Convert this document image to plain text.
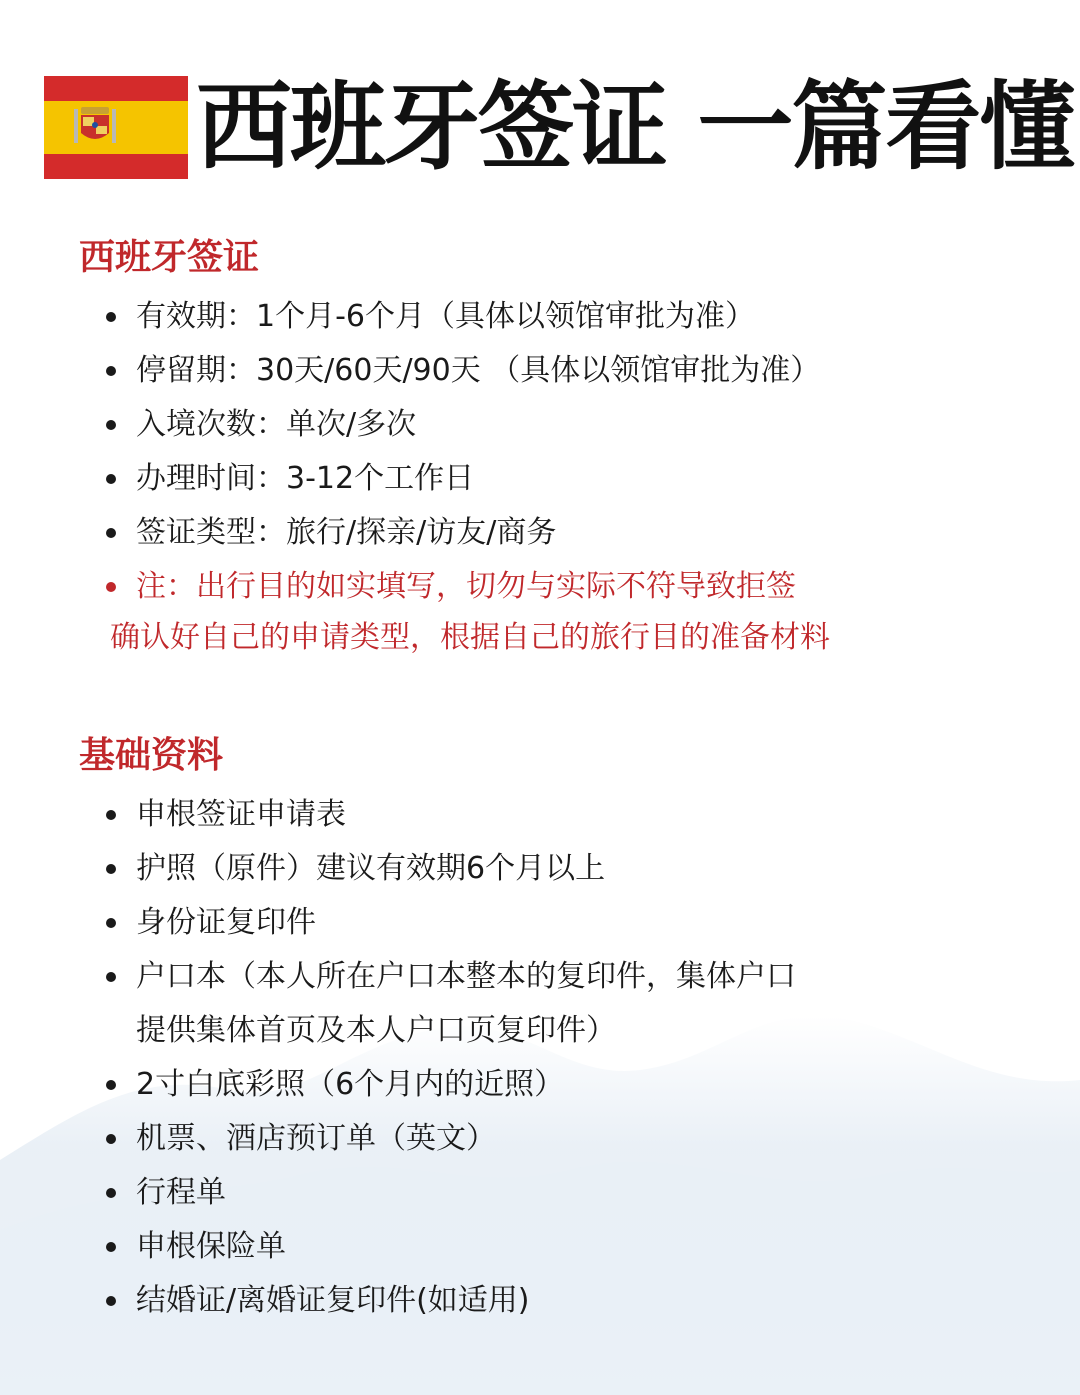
西班牙签证 一篇看懂
西班牙签证
有效期：1个月-6个月（具体以领馆审批为准）
停留期：30天/60天/90天 （具体以领馆审批为准）
入境次数：单次/多次
办理时间：3-12个工作日
签证类型：旅行/探亲/访友/商务
注：出行目的如实填写，切勿与实际不符导致拒签
确认好自己的申请类型，根据自己的旅行目的准备材料
基础资料
申根签证申请表
护照（原件）建议有效期6个月以上
身份证复印件
户口本（本人所在户口本整本的复印件，集体户口
提供集体首页及本人户口页复印件）
2寸白底彩照（6个月内的近照）
机票、酒店预订单（英文）
行程单
申根保险单
结婚证/离婚证复印件(如适用)
